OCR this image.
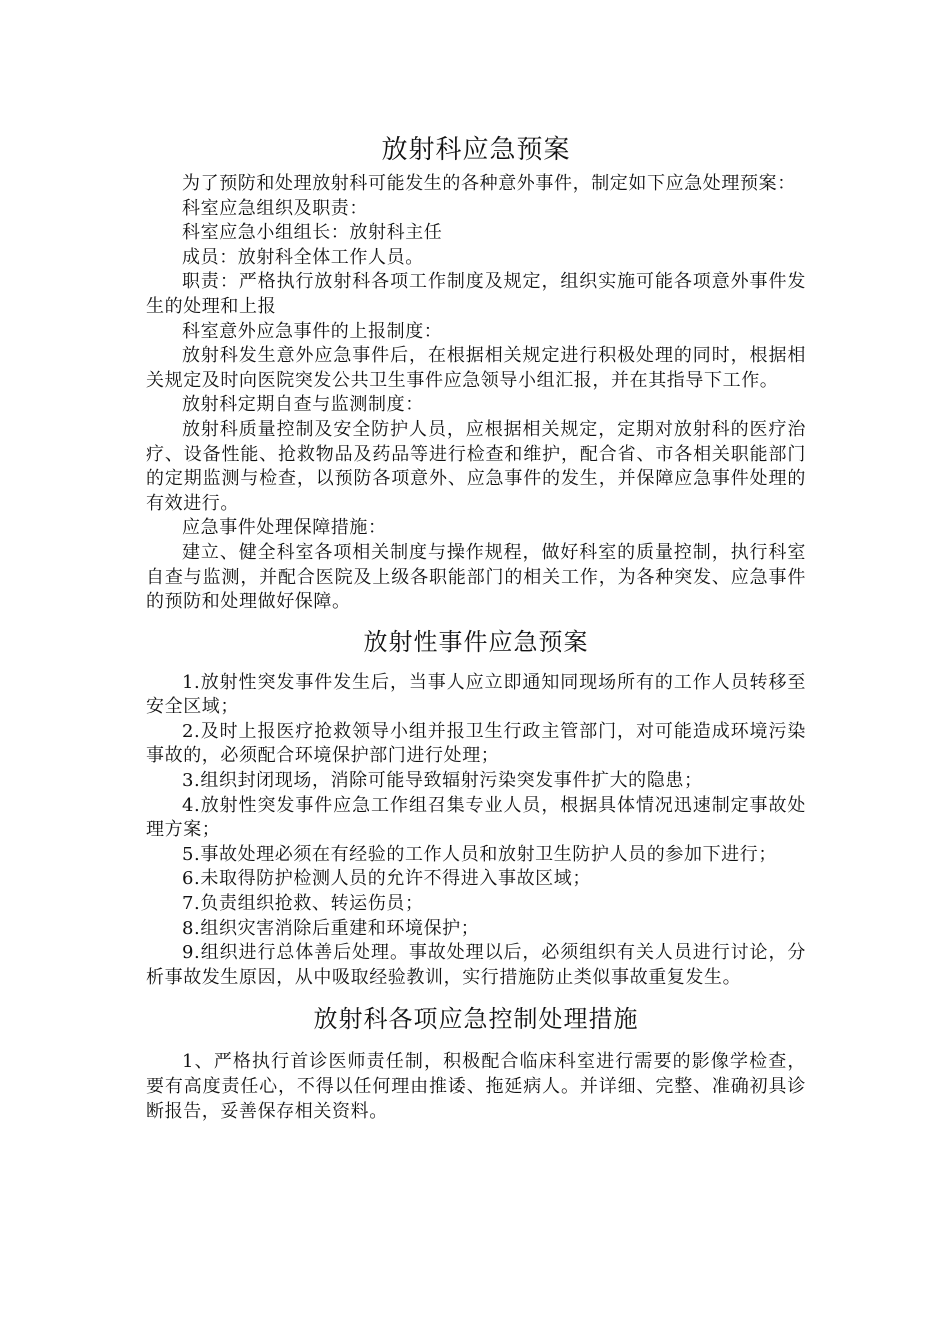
放射科应急预案

为了预防和处理放射科可能发生的各种意外事件，制定如下应急处理预案：

科室应急组织及职责：

科室应急小组组长：放射科主任

成员：放射科全体工作人员。

职责：严格执行放射科各项工作制度及规定，组织实施可能各项意外事件发生的处理和上报

科室意外应急事件的上报制度：

放射科发生意外应急事件后，在根据相关规定进行积极处理的同时，根据相关规定及时向医院突发公共卫生事件应急领导小组汇报，并在其指导下工作。

放射科定期自查与监测制度：

放射科质量控制及安全防护人员，应根据相关规定，定期对放射科的医疗治疗、设备性能、抢救物品及药品等进行检查和维护，配合省、市各相关职能部门的定期监测与检查，以预防各项意外、应急事件的发生，并保障应急事件处理的有效进行。

应急事件处理保障措施：

建立、健全科室各项相关制度与操作规程，做好科室的质量控制，执行科室自查与监测，并配合医院及上级各职能部门的相关工作，为各种突发、应急事件的预防和处理做好保障。

放射性事件应急预案

1.放射性突发事件发生后，当事人应立即通知同现场所有的工作人员转移至安全区域；

2.及时上报医疗抢救领导小组并报卫生行政主管部门，对可能造成环境污染事故的，必须配合环境保护部门进行处理；

3.组织封闭现场，消除可能导致辐射污染突发事件扩大的隐患；

4.放射性突发事件应急工作组召集专业人员，根据具体情况迅速制定事故处理方案；

5.事故处理必须在有经验的工作人员和放射卫生防护人员的参加下进行；

6.未取得防护检测人员的允许不得进入事故区域；

7.负责组织抢救、转运伤员；

8.组织灾害消除后重建和环境保护；

9.组织进行总体善后处理。事故处理以后，必须组织有关人员进行讨论，分析事故发生原因，从中吸取经验教训，实行措施防止类似事故重复发生。

放射科各项应急控制处理措施

1、严格执行首诊医师责任制，积极配合临床科室进行需要的影像学检查，要有高度责任心，不得以任何理由推诿、拖延病人。并详细、完整、准确初具诊断报告，妥善保存相关资料。
